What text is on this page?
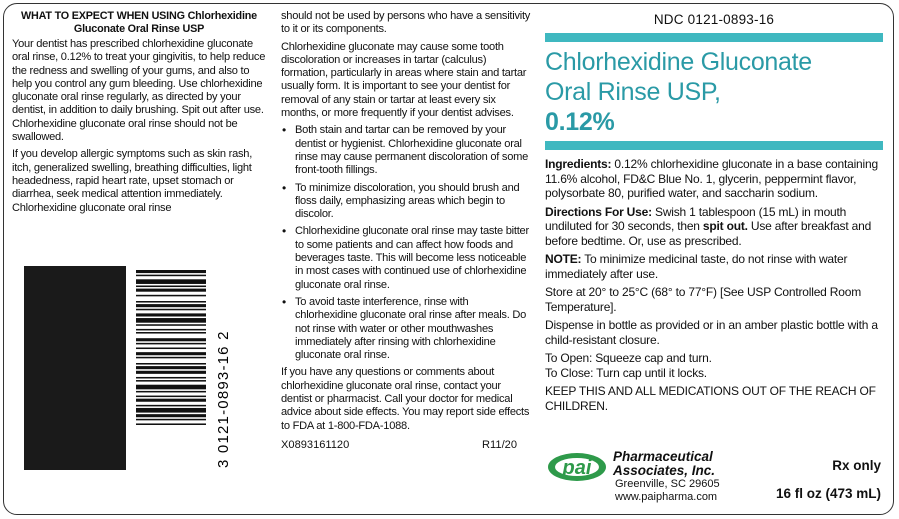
WHAT TO EXPECT WHEN USING Chlorhexidine Gluconate Oral Rinse USP

Your dentist has prescribed chlorhexidine gluconate oral rinse, 0.12% to treat your gingivitis, to help reduce the redness and swelling of your gums, and also to help you control any gum bleeding. Use chlorhexidine gluconate oral rinse regularly, as directed by your dentist, in addition to daily brushing. Spit out after use. Chlorhexidine gluconate oral rinse should not be swallowed.

If you develop allergic symptoms such as skin rash, itch, generalized swelling, breathing difficulties, light headedness, rapid heart rate, upset stomach or diarrhea, seek medical attention immediately. Chlorhexidine gluconate oral rinse

3 0121-0893-16 2

should not be used by persons who have a sensitivity to it or its components.

Chlorhexidine gluconate may cause some tooth discoloration or increases in tartar (calculus) formation, particularly in areas where stain and tartar usually form. It is important to see your dentist for removal of any stain or tartar at least every six months, or more frequently if your dentist advises.

• Both stain and tartar can be removed by your dentist or hygienist. Chlorhexidine gluconate oral rinse may cause permanent discoloration of some front-tooth fillings.
• To minimize discoloration, you should brush and floss daily, emphasizing areas which begin to discolor.
• Chlorhexidine gluconate oral rinse may taste bitter to some patients and can affect how foods and beverages taste. This will become less noticeable in most cases with continued use of chlorhexidine gluconate oral rinse.
• To avoid taste interference, rinse with chlorhexidine gluconate oral rinse after meals. Do not rinse with water or other mouthwashes immediately after rinsing with chlorhexidine gluconate oral rinse.

If you have any questions or comments about chlorhexidine gluconate oral rinse, contact your dentist or pharmacist. Call your doctor for medical advice about side effects. You may report side effects to FDA at 1-800-FDA-1088.

X0893161120	R11/20
NDC 0121-0893-16
Chlorhexidine Gluconate
Oral Rinse USP,
0.12%

Ingredients: 0.12% chlorhexidine gluconate in a base containing 11.6% alcohol, FD&C Blue No. 1, glycerin, peppermint flavor, polysorbate 80, purified water, and saccharin sodium.

Directions For Use: Swish 1 tablespoon (15 mL) in mouth undiluted for 30 seconds, then spit out. Use after breakfast and before bedtime. Or, use as prescribed.

NOTE: To minimize medicinal taste, do not rinse with water immediately after use.

Store at 20° to 25°C (68° to 77°F) [See USP Controlled Room Temperature].

Dispense in bottle as provided or in an amber plastic bottle with a child-resistant closure.

To Open: Squeeze cap and turn.

To Close: Turn cap until it locks.

KEEP THIS AND ALL MEDICATIONS OUT OF THE REACH OF CHILDREN.

pai
Pharmaceutical
Associates, Inc.
Greenville, SC 29605
www.paipharma.com
Rx only
16 fl oz (473 mL)
